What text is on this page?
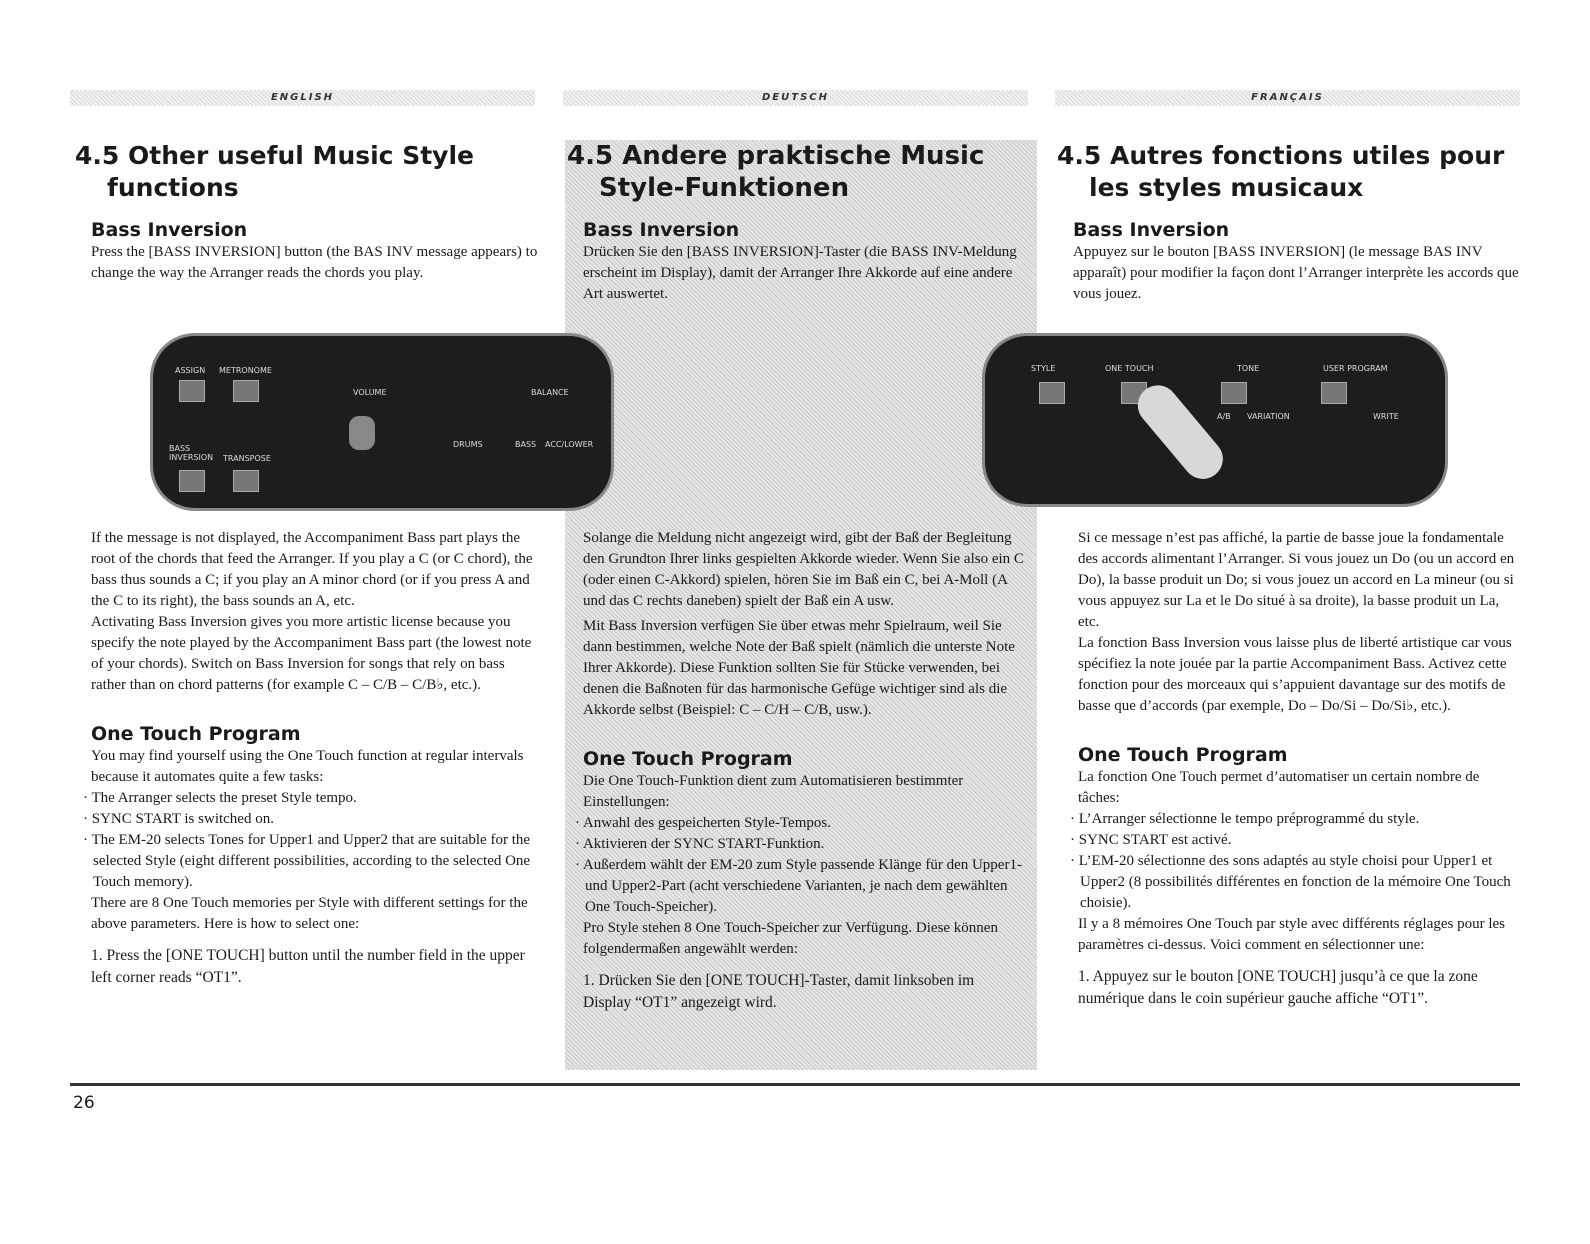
ENGLISH	DEUTSCH	FRANÇAIS
4.5 Other useful Music Style functions
Bass Inversion

Press the [BASS INVERSION] button (the BAS INV message appears) to change the way the Arranger reads the chords you play.

4.5 Andere praktische Music Style-Funktionen
Bass Inversion

Drücken Sie den [BASS INVERSION]-Taster (die BASS INV-Meldung erscheint im Display), damit der Arranger Ihre Akkorde auf eine andere Art auswertet.

4.5 Autres fonctions utiles pour les styles musicaux
Bass Inversion

Appuyez sur le bouton [BASS INVERSION] (le message BAS INV apparaît) pour modifier la façon dont l’Arranger interprète les accords que vous jouez.

ASSIGN METRONOME
VOLUME	BALANCE
BASS INVERSION TRANSPOSE
DRUMS	BASS ACC/LOWER
STYLE	ONE TOUCH	TONE	USER PROGRAM
A/B VARIATION	WRITE

If the message is not displayed, the Accompaniment Bass part plays the root of the chords that feed the Arranger. If you play a C (or C chord), the bass thus sounds a C; if you play an A minor chord (or if you press A and the C to its right), the bass sounds an A, etc.

Activating Bass Inversion gives you more artistic license because you specify the note played by the Accompaniment Bass part (the lowest note of your chords). Switch on Bass Inversion for songs that rely on bass rather than on chord patterns (for example C – C/B – C/B♭, etc.).

One Touch Program

You may find yourself using the One Touch function at regular intervals because it automates quite a few tasks:

· The Arranger selects the preset Style tempo.
· SYNC START is switched on.
· The EM-20 selects Tones for Upper1 and Upper2 that are suitable for the selected Style (eight different possibilities, according to the selected One Touch memory).

There are 8 One Touch memories per Style with different settings for the above parameters. Here is how to select one:

1. Press the [ONE TOUCH] button until the number field in the upper left corner reads “OT1”.

Solange die Meldung nicht angezeigt wird, gibt der Baß der Begleitung den Grundton Ihrer links gespielten Akkorde wieder. Wenn Sie also ein C (oder einen C-Akkord) spielen, hören Sie im Baß ein C, bei A-Moll (A und das C rechts daneben) spielt der Baß ein A usw.

Mit Bass Inversion verfügen Sie über etwas mehr Spielraum, weil Sie dann bestimmen, welche Note der Baß spielt (nämlich die unterste Note Ihrer Akkorde). Diese Funktion sollten Sie für Stücke verwenden, bei denen die Baßnoten für das harmonische Gefüge wichtiger sind als die Akkorde selbst (Beispiel: C – C/H – C/B, usw.).

One Touch Program

Die One Touch-Funktion dient zum Automatisieren bestimmter Einstellungen:

· Anwahl des gespeicherten Style-Tempos.
· Aktivieren der SYNC START-Funktion.
· Außerdem wählt der EM-20 zum Style passende Klänge für den Upper1- und Upper2-Part (acht verschiedene Varianten, je nach dem gewählten One Touch-Speicher).

Pro Style stehen 8 One Touch-Speicher zur Verfügung. Diese können folgendermaßen angewählt werden:

1. Drücken Sie den [ONE TOUCH]-Taster, damit linksoben im Display “OT1” angezeigt wird.

Si ce message n’est pas affiché, la partie de basse joue la fondamentale des accords alimentant l’Arranger. Si vous jouez un Do (ou un accord en Do), la basse produit un Do; si vous jouez un accord en La mineur (ou si vous appuyez sur La et le Do situé à sa droite), la basse produit un La, etc.

La fonction Bass Inversion vous laisse plus de liberté artistique car vous spécifiez la note jouée par la partie Accompaniment Bass. Activez cette fonction pour des morceaux qui s’appuient davantage sur des motifs de basse que d’accords (par exemple, Do – Do/Si – Do/Si♭, etc.).

One Touch Program

La fonction One Touch permet d’automatiser un certain nombre de tâches:

· L’Arranger sélectionne le tempo préprogrammé du style.
· SYNC START est activé.
· L’EM-20 sélectionne des sons adaptés au style choisi pour Upper1 et Upper2 (8 possibilités différentes en fonction de la mémoire One Touch choisie).

Il y a 8 mémoires One Touch par style avec différents réglages pour les paramètres ci-dessus. Voici comment en sélectionner une:

1. Appuyez sur le bouton [ONE TOUCH] jusqu’à ce que la zone numérique dans le coin supérieur gauche affiche “OT1”.

26
